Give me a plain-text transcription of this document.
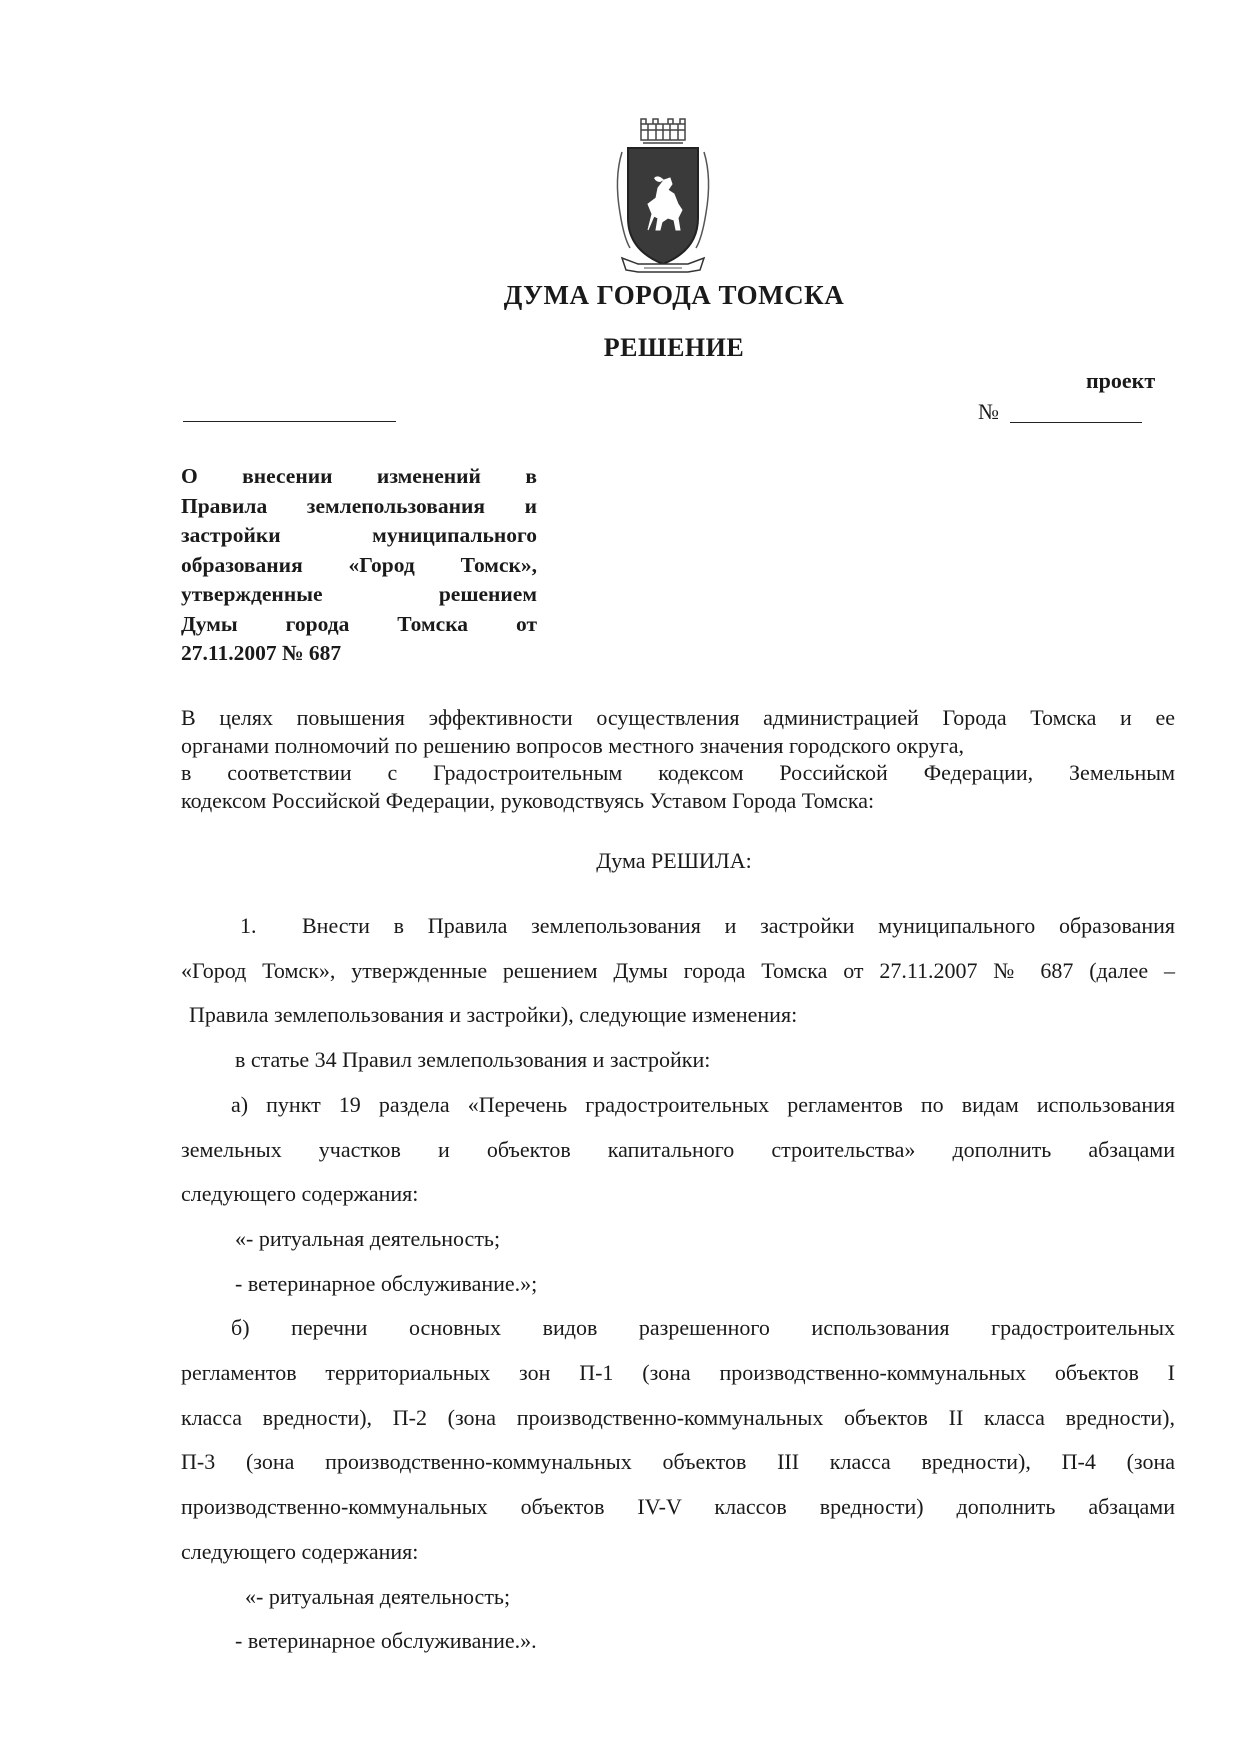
ДУМА ГОРОДА ТОМСКА
РЕШЕНИЕ
проект
№
О внесении изменений в
Правила землепользования и
застройки муниципального
образования «Город Томск»,
утвержденные решением
Думы города Томска от
27.11.2007 № 687

В целях повышения эффективности осуществления администрацией Города Томска и ее

органами полномочий по решению вопросов местного значения городского округа,

в соответствии с Градостроительным кодексом Российской Федерации, Земельным

кодексом Российской Федерации, руководствуясь Уставом Города Томска:

Дума РЕШИЛА:

1. Внести в Правила землепользования и застройки муниципального образования

«Город Томск», утвержденные решением Думы города Томска от 27.11.2007 № 687 (далее –

Правила землепользования и застройки), следующие изменения:

в статье 34 Правил землепользования и застройки:

а) пункт 19 раздела «Перечень градостроительных регламентов по видам использования

земельных участков и объектов капитального строительства» дополнить абзацами

следующего содержания:

«- ритуальная деятельность;

- ветеринарное обслуживание.»;

б) перечни основных видов разрешенного использования градостроительных

регламентов территориальных зон П-1 (зона производственно-коммунальных объектов I

класса вредности), П-2 (зона производственно-коммунальных объектов II класса вредности),

П-3 (зона производственно-коммунальных объектов III класса вредности), П-4 (зона

производственно-коммунальных объектов IV-V классов вредности) дополнить абзацами

следующего содержания:

«- ритуальная деятельность;

- ветеринарное обслуживание.».
